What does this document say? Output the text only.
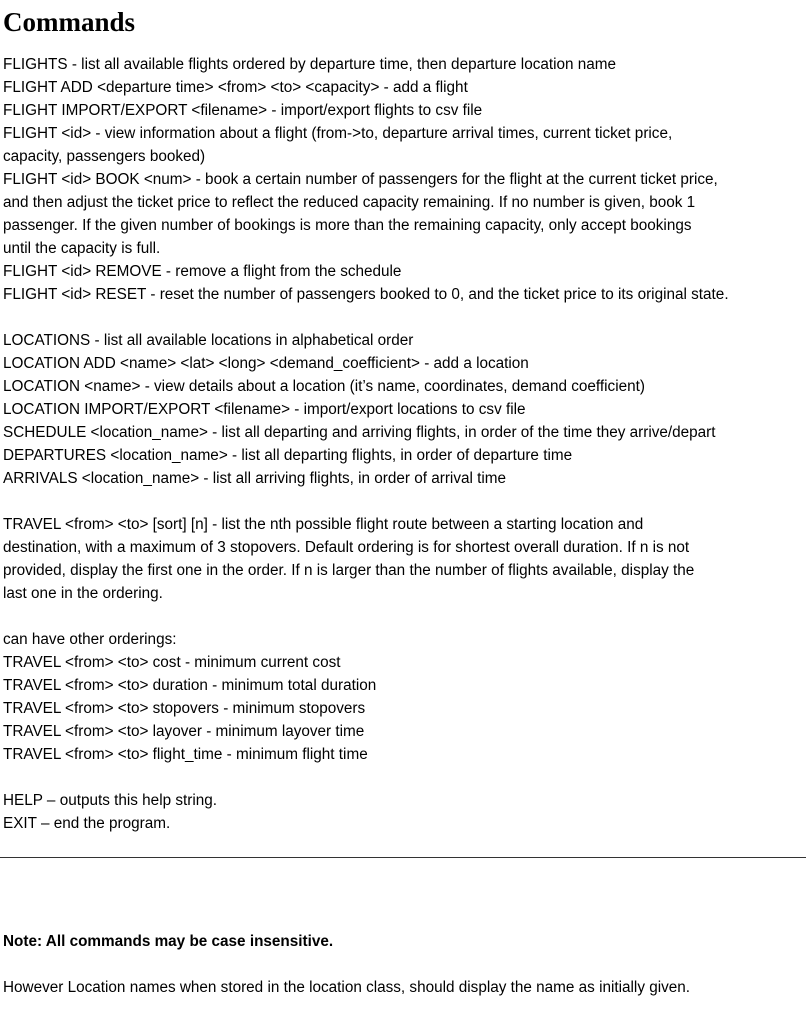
Commands
FLIGHTS - list all available flights ordered by departure time, then departure location name
FLIGHT ADD <departure time> <from> <to> <capacity> - add a flight
FLIGHT IMPORT/EXPORT <filename> - import/export flights to csv file
FLIGHT <id> - view information about a flight (from->to, departure arrival times, current ticket price,
capacity, passengers booked)
FLIGHT <id> BOOK <num> - book a certain number of passengers for the flight at the current ticket price,
and then adjust the ticket price to reflect the reduced capacity remaining. If no number is given, book 1
passenger. If the given number of bookings is more than the remaining capacity, only accept bookings
until the capacity is full.
FLIGHT <id> REMOVE - remove a flight from the schedule
FLIGHT <id> RESET - reset the number of passengers booked to 0, and the ticket price to its original state.
LOCATIONS - list all available locations in alphabetical order
LOCATION ADD <name> <lat> <long> <demand_coefficient> - add a location
LOCATION <name> - view details about a location (it’s name, coordinates, demand coefficient)
LOCATION IMPORT/EXPORT <filename> - import/export locations to csv file
SCHEDULE <location_name> - list all departing and arriving flights, in order of the time they arrive/depart
DEPARTURES <location_name> - list all departing flights, in order of departure time
ARRIVALS <location_name> - list all arriving flights, in order of arrival time
TRAVEL <from> <to> [sort] [n] - list the nth possible flight route between a starting location and
destination, with a maximum of 3 stopovers. Default ordering is for shortest overall duration. If n is not
provided, display the first one in the order. If n is larger than the number of flights available, display the
last one in the ordering.
can have other orderings:
TRAVEL <from> <to> cost - minimum current cost
TRAVEL <from> <to> duration - minimum total duration
TRAVEL <from> <to> stopovers - minimum stopovers
TRAVEL <from> <to> layover - minimum layover time
TRAVEL <from> <to> flight_time - minimum flight time
HELP – outputs this help string.
EXIT – end the program.
Note: All commands may be case insensitive.
However Location names when stored in the location class, should display the name as initially given.
